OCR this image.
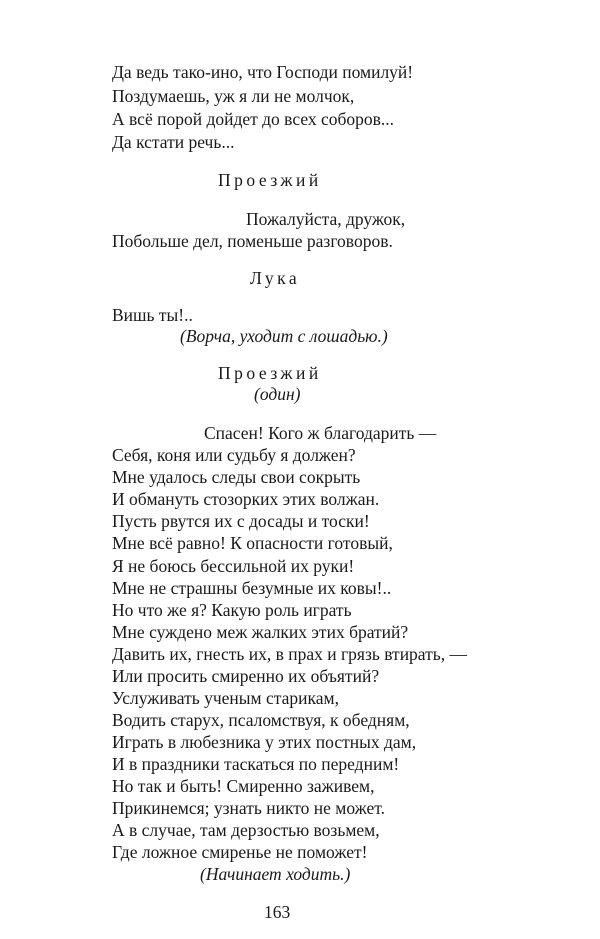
Да ведь тако-ино, что Господи помилуй!
Поздумаешь, уж я ли не молчок,
А всё порой дойдет до всех соборов...
Да кстати речь...
Проезжий
Пожалуйста, дружок,
Побольше дел, поменьше разговоров.
Лука
Вишь ты!..
(Ворча, уходит с лошадью.)
Проезжий
(один)
Спасен! Кого ж благодарить —
Себя, коня или судьбу я должен?
Мне удалось следы свои сокрыть
И обмануть стозорких этих волжан.
Пусть рвутся их с досады и тоски!
Мне всё равно! К опасности готовый,
Я не боюсь бессильной их руки!
Мне не страшны безумные их ковы!..
Но что же я? Какую роль играть
Мне суждено меж жалких этих братий?
Давить их, гнесть их, в прах и грязь втирать, —
Или просить смиренно их объятий?
Услуживать ученым старикам,
Водить старух, псаломствуя, к обедням,
Играть в любезника у этих постных дам,
И в праздники таскаться по передним!
Но так и быть! Смиренно заживем,
Прикинемся; узнать никто не может.
А в случае, там дерзостью возьмем,
Где ложное смиренье не поможет!
(Начинает ходить.)
163
